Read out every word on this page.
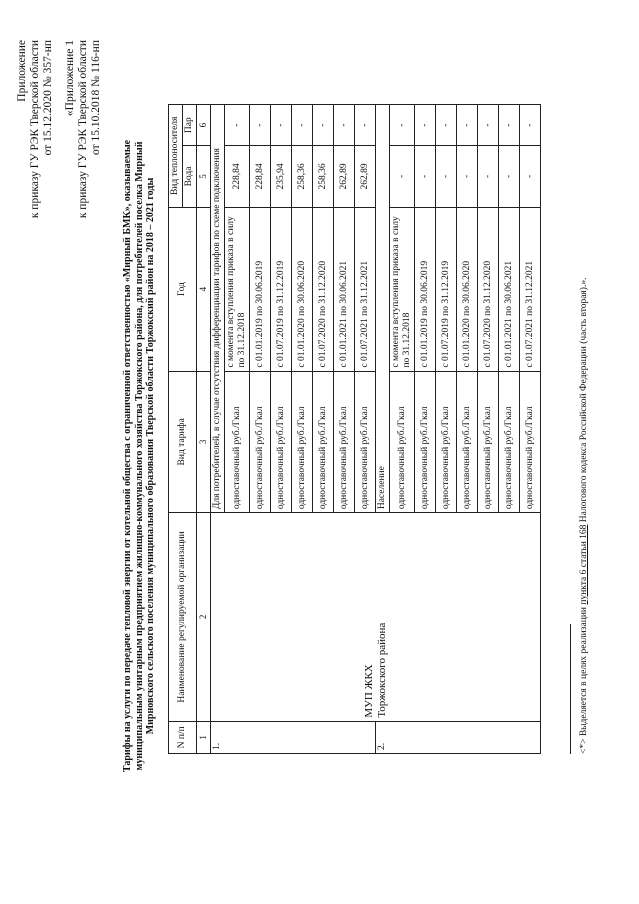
Приложение к приказу ГУ РЭК Тверской области от 15.12.2020 № 357-нп «Приложение 1 к приказу ГУ РЭК Тверской области от 15.10.2018 № 116-нп
Тарифы на услуги по передаче тепловой энергии от котельной общества с ограниченной ответственностью «Мирный БМК», оказываемые муниципальным унитарным предприятием жилищно-коммунального хозяйства Торжокского района, для потребителей поселка Мирный Мирновского сельского поселения муниципального образования Тверской области Торжокский район на 2018 – 2021 годы
N п/п	Наименование регулируемой организации	Вид тарифа	Год	Вид теплоносителя	
				Вода	Пар
1	2	3	4	5	6
1.	МУП ЖКХ Торжокского района	Для потребителей, в случае отсутствия дифференциации тарифов по схеме подключения			
		одноставочный руб./Гкал	с момента вступления приказа в силу по 31.12.2018	228,84	-
		одноставочный руб./Гкал	с 01.01.2019 по 30.06.2019	228,84	-
		одноставочный руб./Гкал	с 01.07.2019 по 31.12.2019	235,94	-
		одноставочный руб./Гкал	с 01.01.2020 по 30.06.2020	258,36	-
		одноставочный руб./Гкал	с 01.07.2020 по 31.12.2020	258,36	-
		одноставочный руб./Гкал	с 01.01.2021 по 30.06.2021	262,89	-
		одноставочный руб./Гкал	с 01.07.2021 по 31.12.2021	262,89	-
2.		Население			
		одноставочный руб./Гкал	с момента вступления приказа в силу по 31.12.2018	-	-
		одноставочный руб./Гкал	с 01.01.2019 по 30.06.2019	-	-
		одноставочный руб./Гкал	с 01.07.2019 по 31.12.2019	-	-
		одноставочный руб./Гкал	с 01.01.2020 по 30.06.2020	-	-
		одноставочный руб./Гкал	с 01.07.2020 по 31.12.2020	-	-
		одноставочный руб./Гкал	с 01.01.2021 по 30.06.2021	-	-
		одноставочный руб./Гкал	с 01.07.2021 по 31.12.2021	-	-
<*> Выделяется в целях реализации пункта 6 статьи 168 Налогового кодекса Российской Федерации (часть вторая).».
